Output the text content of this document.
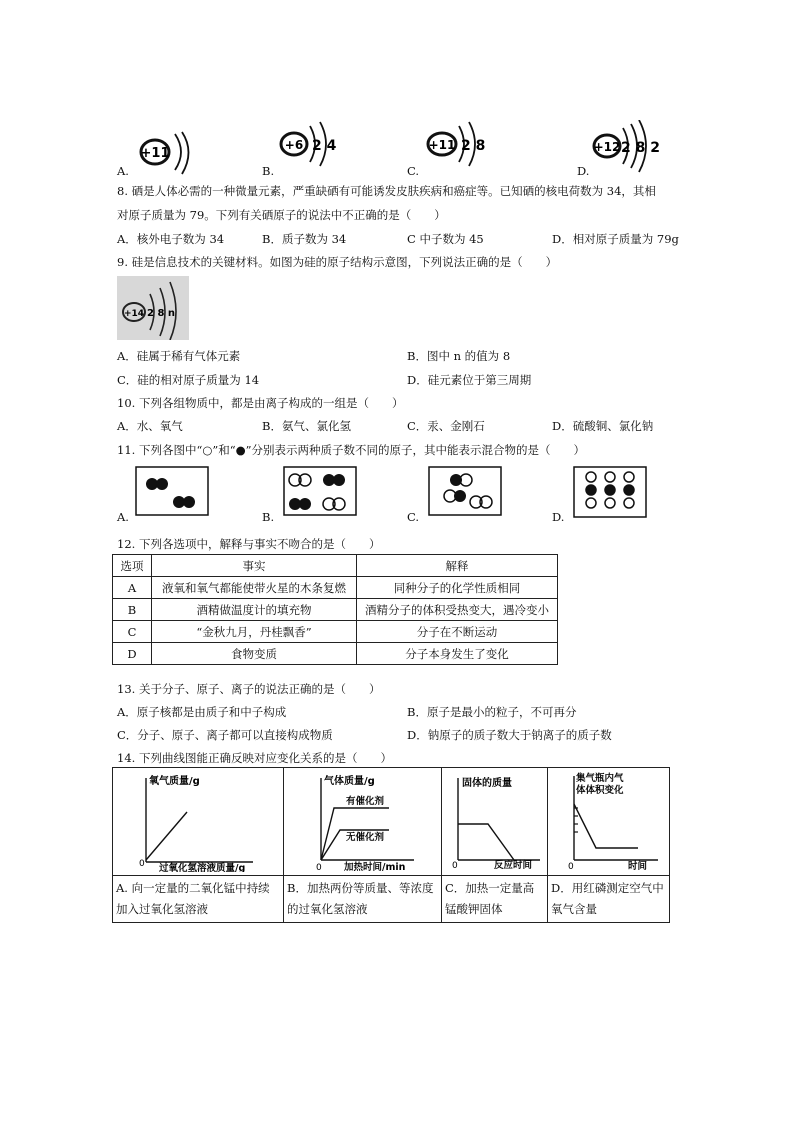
+11
A.
+6 2 4
B.
+11 2 8
C.
+12 2 8 2
D.
8. 硒是人体必需的一种微量元素，严重缺硒有可能诱发皮肤疾病和癌症等。已知硒的核电荷数为 34，其相
对原子质量为 79。下列有关硒原子的说法中不正确的是（　　）
A．核外电子数为 34	B．质子数为 34	C 中子数为 45	D．相对原子质量为 79g
9. 硅是信息技术的关键材料。如图为硅的原子结构示意图，下列说法正确的是（　　）
+14 2 8 n
A．硅属于稀有气体元素	B．图中 n 的值为 8
C．硅的相对原子质量为 14	D．硅元素位于第三周期
10. 下列各组物质中，都是由离子构成的一组是（　　）
A．水、氧气	B．氨气、氯化氢	C．汞、金刚石	D．硫酸铜、氯化钠
11. 下列各图中“○”和“●”分别表示两种质子数不同的原子，其中能表示混合物的是（　　）
A.	B.	C.	D.
12. 下列各选项中，解释与事实不吻合的是（　　）
选项	事实	解释
A	液氧和氧气都能使带火星的木条复燃	同种分子的化学性质相同
B	酒精做温度计的填充物	酒精分子的体积受热变大，遇冷变小
C	“金秋九月，丹桂飘香”	分子在不断运动
D	食物变质	分子本身发生了变化
13. 关于分子、原子、离子的说法正确的是（　　）
A．原子核都是由质子和中子构成	B．原子是最小的粒子，不可再分
C．分子、原子、离子都可以直接构成物质	D．钠原子的质子数大于钠离子的质子数
14. 下列曲线图能正确反映对应变化关系的是（　　）
氧气质量/g
0 过氧化氢溶液质量/g	气体质量/g
有催化剂
无催化剂
0 加热时间/min	固体的质量
0 反应时间	集气瓶内气
体体积变化
0 时间

A. 向一定量的二氧化锰中持续加入过氧化氢溶液	B．加热两份等质量、等浓度的过氧化氢溶液	C．加热一定量高锰酸钾固体	D．用红磷测定空气中氧气含量
